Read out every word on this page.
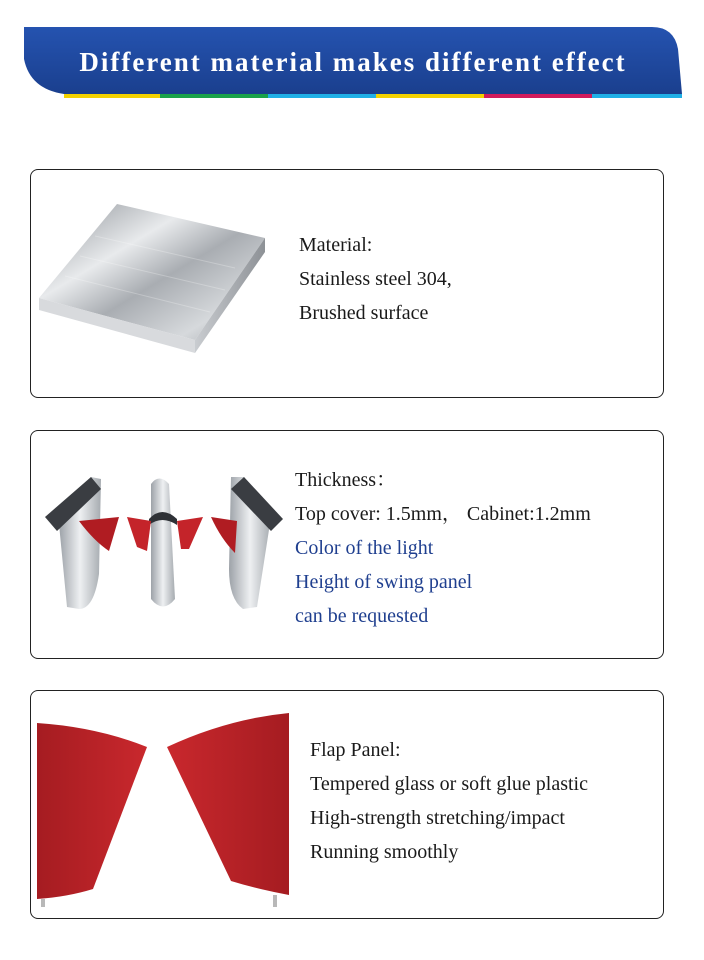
Different material makes different effect
Material:
Stainless steel 304,
Brushed surface
Thickness：
Top cover: 1.5mm， Cabinet:1.2mm
Color of the light
Height of swing panel
can be requested
Flap Panel:
Tempered glass or soft glue plastic
High-strength stretching/impact
Running smoothly
